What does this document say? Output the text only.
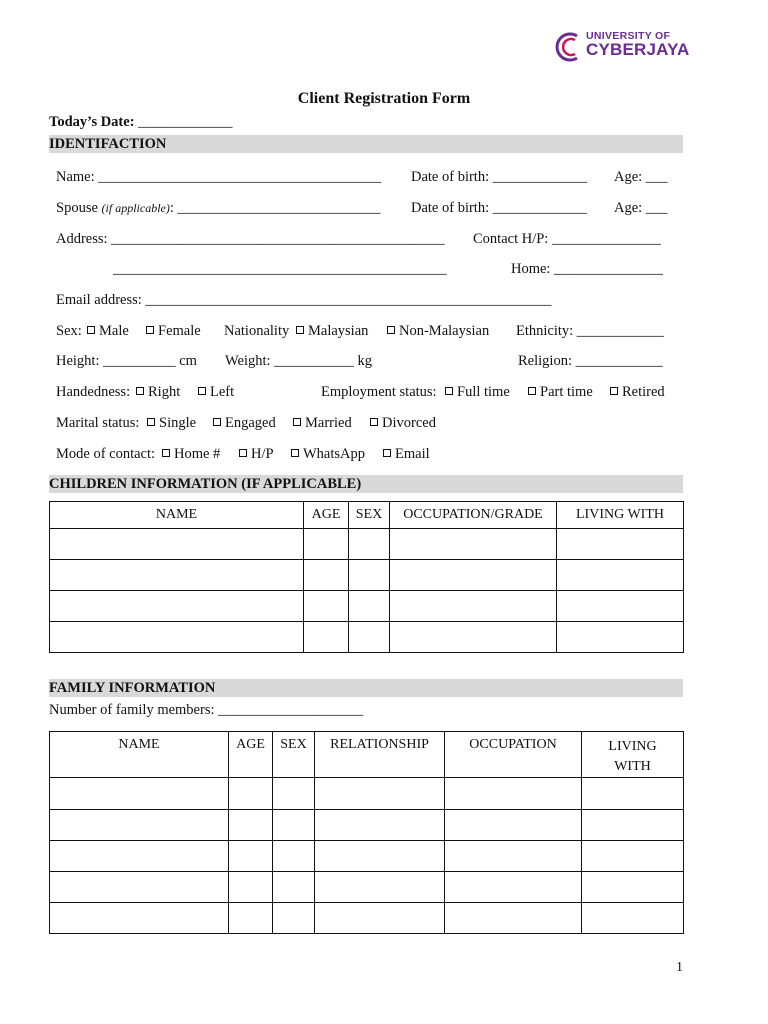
UNIVERSITY OF
CYBERJAYA
Client Registration Form
Today’s Date: _____________
IDENTIFACTION
Name: _______________________________________ Date of birth: _____________ Age: ___
Spouse (if applicable): ____________________________ Date of birth: _____________ Age: ___
Address: ______________________________________________ Contact H/P: _______________
______________________________________________	Home: _______________
Email address: ________________________________________________________
Sex:	Male	Female Nationality	Malaysian	Non-Malaysian Ethnicity: ____________
Height: __________ cm Weight: ___________ kg	Religion: ____________
Handedness:	Right	Left	Employment status:	Full time	Part time	Retired
Marital status:	Single	Engaged	Married	Divorced
Mode of contact:	Home #	H/P	WhatsApp	Email
CHILDREN INFORMATION (IF APPLICABLE)
NAME	AGE	SEX	OCCUPATION/GRADE	LIVING WITH

FAMILY INFORMATION
Number of family members: ____________________
NAME	AGE	SEX	RELATIONSHIP	OCCUPATION	LIVING
WITH

1
